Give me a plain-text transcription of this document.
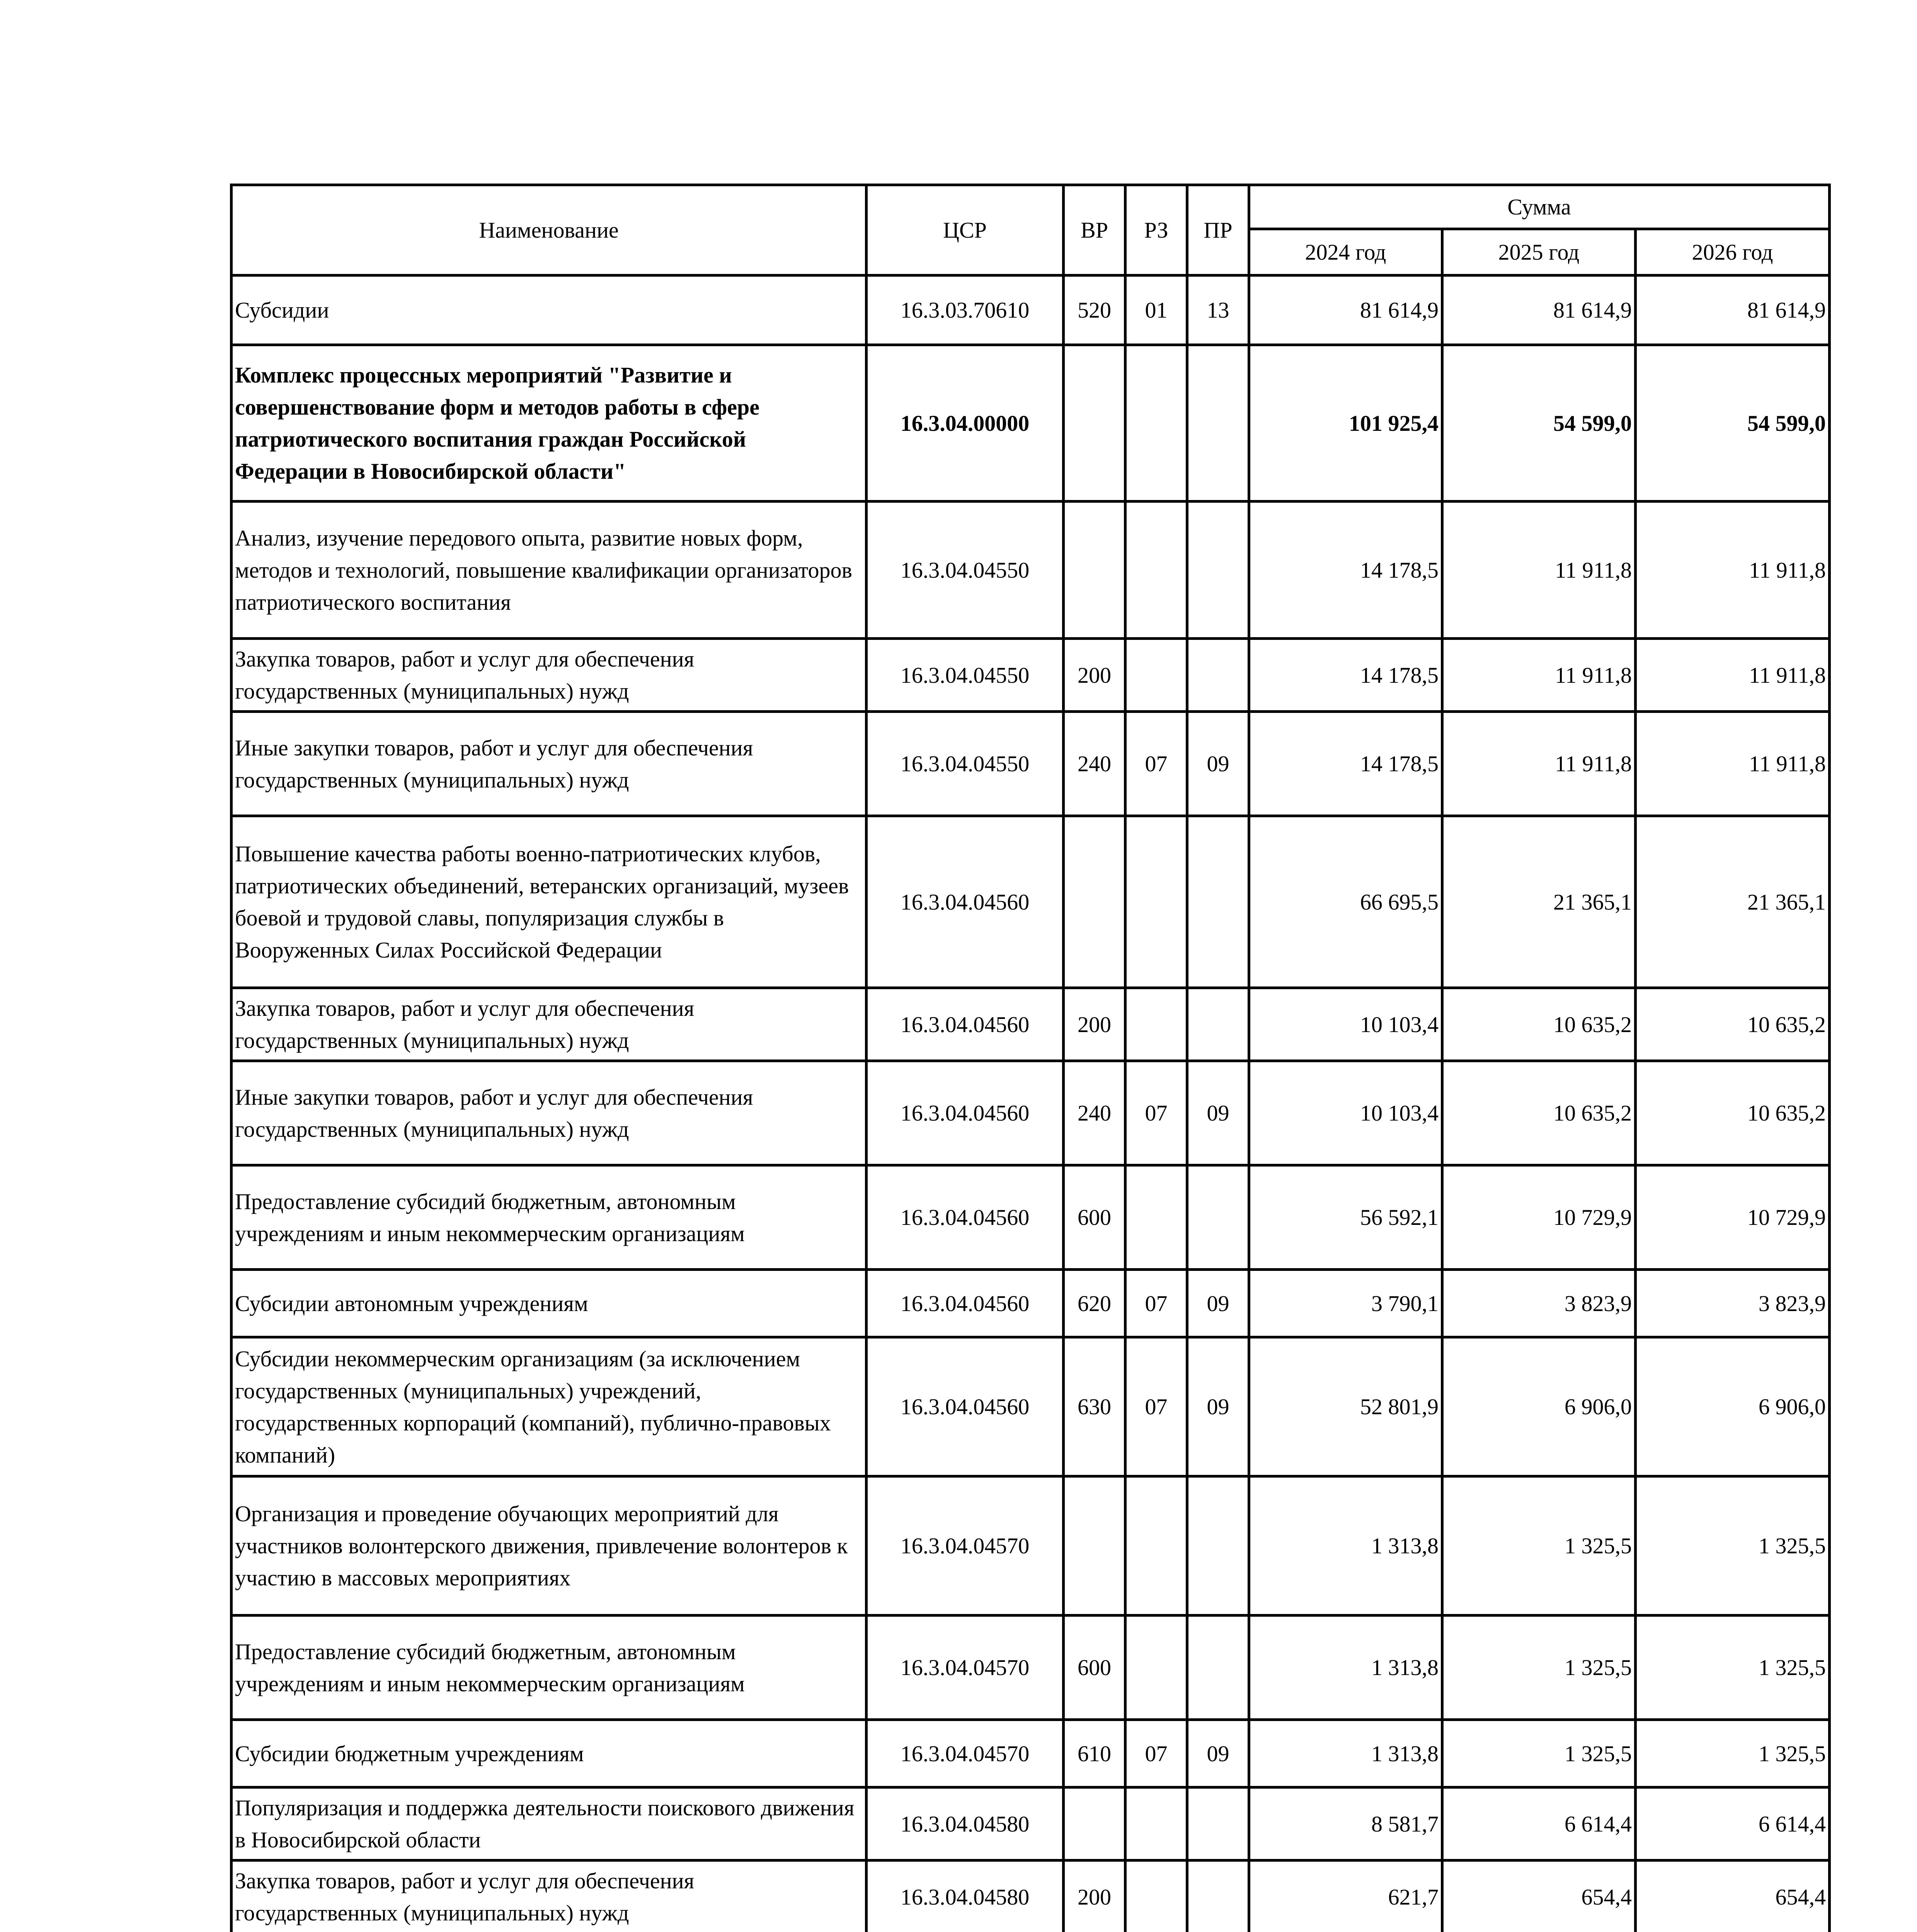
Наименование	ЦСР	ВР	РЗ	ПР	Сумма		
					2024 год	2025 год	2026 год
Субсидии	16.3.03.70610	520	01	13	81 614,9	81 614,9	81 614,9
Комплекс процессных мероприятий "Развитие и совершенствование форм и методов работы в сфере патриотического воспитания граждан Российской Федерации в Новосибирской области"	16.3.04.00000				101 925,4	54 599,0	54 599,0
Анализ, изучение передового опыта, развитие новых форм, методов и технологий, повышение квалификации организаторов патриотического воспитания	16.3.04.04550				14 178,5	11 911,8	11 911,8
Закупка товаров, работ и услуг для обеспечения государственных (муниципальных) нужд	16.3.04.04550	200			14 178,5	11 911,8	11 911,8
Иные закупки товаров, работ и услуг для обеспечения государственных (муниципальных) нужд	16.3.04.04550	240	07	09	14 178,5	11 911,8	11 911,8
Повышение качества работы военно-патриотических клубов, патриотических объединений, ветеранских организаций, музеев боевой и трудовой славы, популяризация службы в Вооруженных Силах Российской Федерации	16.3.04.04560				66 695,5	21 365,1	21 365,1
Закупка товаров, работ и услуг для обеспечения государственных (муниципальных) нужд	16.3.04.04560	200			10 103,4	10 635,2	10 635,2
Иные закупки товаров, работ и услуг для обеспечения государственных (муниципальных) нужд	16.3.04.04560	240	07	09	10 103,4	10 635,2	10 635,2
Предоставление субсидий бюджетным, автономным учреждениям и иным некоммерческим организациям	16.3.04.04560	600			56 592,1	10 729,9	10 729,9
Субсидии автономным учреждениям	16.3.04.04560	620	07	09	3 790,1	3 823,9	3 823,9
Субсидии некоммерческим организациям (за исключением государственных (муниципальных) учреждений, государственных корпораций (компаний), публично-правовых компаний)	16.3.04.04560	630	07	09	52 801,9	6 906,0	6 906,0
Организация и проведение обучающих мероприятий для участников волонтерского движения, привлечение волонтеров к участию в массовых мероприятиях	16.3.04.04570				1 313,8	1 325,5	1 325,5
Предоставление субсидий бюджетным, автономным учреждениям и иным некоммерческим организациям	16.3.04.04570	600			1 313,8	1 325,5	1 325,5
Субсидии бюджетным учреждениям	16.3.04.04570	610	07	09	1 313,8	1 325,5	1 325,5
Популяризация и поддержка деятельности поискового движения в Новосибирской области	16.3.04.04580				8 581,7	6 614,4	6 614,4
Закупка товаров, работ и услуг для обеспечения государственных (муниципальных) нужд	16.3.04.04580	200			621,7	654,4	654,4
